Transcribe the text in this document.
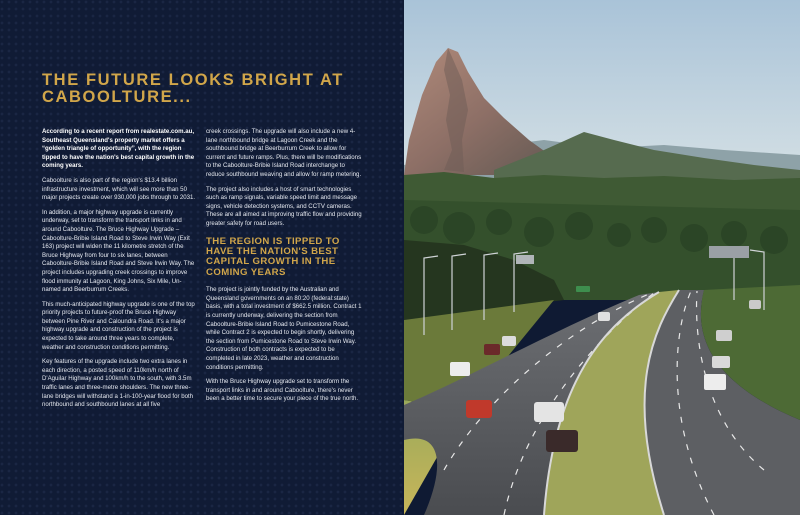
THE FUTURE LOOKS BRIGHT AT CABOOLTURE...

According to a recent report from realestate.com.au, Southeast Queensland's property market offers a “golden triangle of opportunity”, with the region tipped to have the nation's best capital growth in the coming years.

Caboolture is also part of the region's $13.4 billion infrastructure investment, which will see more than 50 major projects create over 930,000 jobs through to 2031.

In addition, a major highway upgrade is currently underway, set to transform the transport links in and around Caboolture. The Bruce Highway Upgrade – Caboolture-Bribie Island Road to Steve Irwin Way (Exit 163) project will widen the 11 kilometre stretch of the Bruce Highway from four to six lanes, between Caboolture-Bribie Island Road and Steve Irwin Way. The project includes upgrading creek crossings to improve flood immunity at Lagoon, King Johns, Six Mile, Un-named and Beerburrum Creeks.

This much-anticipated highway upgrade is one of the top priority projects to future-proof the Bruce Highway between Pine River and Caloundra Road. It's a major highway upgrade and construction of the project is expected to take around three years to complete, weather and construction conditions permitting.

Key features of the upgrade include two extra lanes in each direction, a posted speed of 110km/h north of D'Aguilar Highway and 100km/h to the south, with 3.5m traffic lanes and three-metre shoulders. The new three-lane bridges will withstand a 1-in-100-year flood for both northbound and southbound lanes at all five

creek crossings. The upgrade will also include a new 4-lane northbound bridge at Lagoon Creek and the southbound bridge at Beerburrum Creek to allow for current and future ramps. Plus, there will be modifications to the Caboolture-Bribie Island Road interchange to reduce southbound weaving and allow for ramp metering.

The project also includes a host of smart technologies such as ramp signals, variable speed limit and message signs, vehicle detection systems, and CCTV cameras. These are all aimed at improving traffic flow and providing greater safety for road users.

THE REGION IS TIPPED TO HAVE THE NATION'S BEST CAPITAL GROWTH IN THE COMING YEARS

The project is jointly funded by the Australian and Queensland governments on an 80:20 (federal:state) basis, with a total investment of $662.5 million. Contract 1 is currently underway, delivering the section from Caboolture-Bribie Island Road to Pumicestone Road, while Contract 2 is expected to begin shortly, delivering the section from Pumicestone Road to Steve Irwin Way. Construction of both contracts is expected to be completed in late 2023, weather and construction conditions permitting.

With the Bruce Highway upgrade set to transform the transport links in and around Caboolture, there's never been a better time to secure your piece of the true north.
